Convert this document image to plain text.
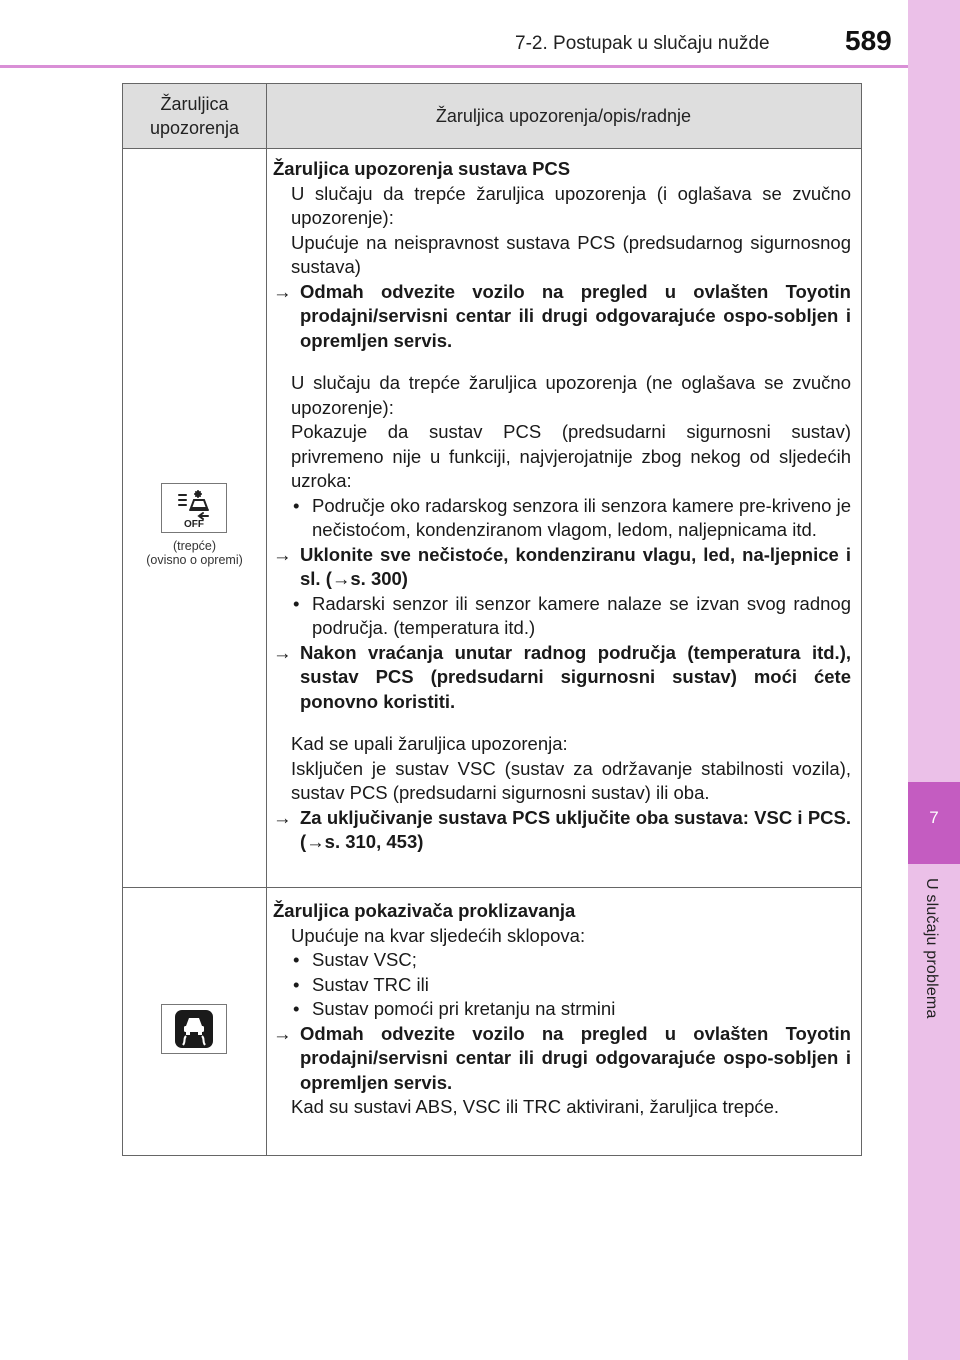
7-2. Postupak u slučaju nužde	589
7
U slučaju problema
Žaruljica upozorenja
Žaruljica upozorenja/opis/radnje
OFF
(trepće)
(ovisno o opremi)
Žaruljica upozorenja sustava PCS
U slučaju da trepće žaruljica upozorenja (i oglašava se zvučno upozorenje):
Upućuje na neispravnost sustava PCS (predsudarnog sigurnosnog sustava)
→ Odmah odvezite vozilo na pregled u ovlašten Toyotin prodajni/servisni centar ili drugi odgovarajuće ospo-sobljen i opremljen servis.
U slučaju da trepće žaruljica upozorenja (ne oglašava se zvučno upozorenje):
Pokazuje da sustav PCS (predsudarni sigurnosni sustav) privremeno nije u funkciji, najvjerojatnije zbog nekog od sljedećih uzroka:
• Područje oko radarskog senzora ili senzora kamere pre-kriveno je nečistoćom, kondenziranom vlagom, ledom, naljepnicama itd.
→ Uklonite sve nečistoće, kondenziranu vlagu, led, na-ljepnice i sl. (→s. 300)
• Radarski senzor ili senzor kamere nalaze se izvan svog radnog područja. (temperatura itd.)
→ Nakon vraćanja unutar radnog područja (temperatura itd.), sustav PCS (predsudarni sigurnosni sustav) moći ćete ponovno koristiti.
Kad se upali žaruljica upozorenja:
Isključen je sustav VSC (sustav za održavanje stabilnosti vozila), sustav PCS (predsudarni sigurnosni sustav) ili oba.
→ Za uključivanje sustava PCS uključite oba sustava: VSC i PCS. (→s. 310, 453)
Žaruljica pokazivača proklizavanja
Upućuje na kvar sljedećih sklopova:
• Sustav VSC;
• Sustav TRC ili
• Sustav pomoći pri kretanju na strmini
→ Odmah odvezite vozilo na pregled u ovlašten Toyotin prodajni/servisni centar ili drugi odgovarajuće ospo-sobljen i opremljen servis.
Kad su sustavi ABS, VSC ili TRC aktivirani, žaruljica trepće.
